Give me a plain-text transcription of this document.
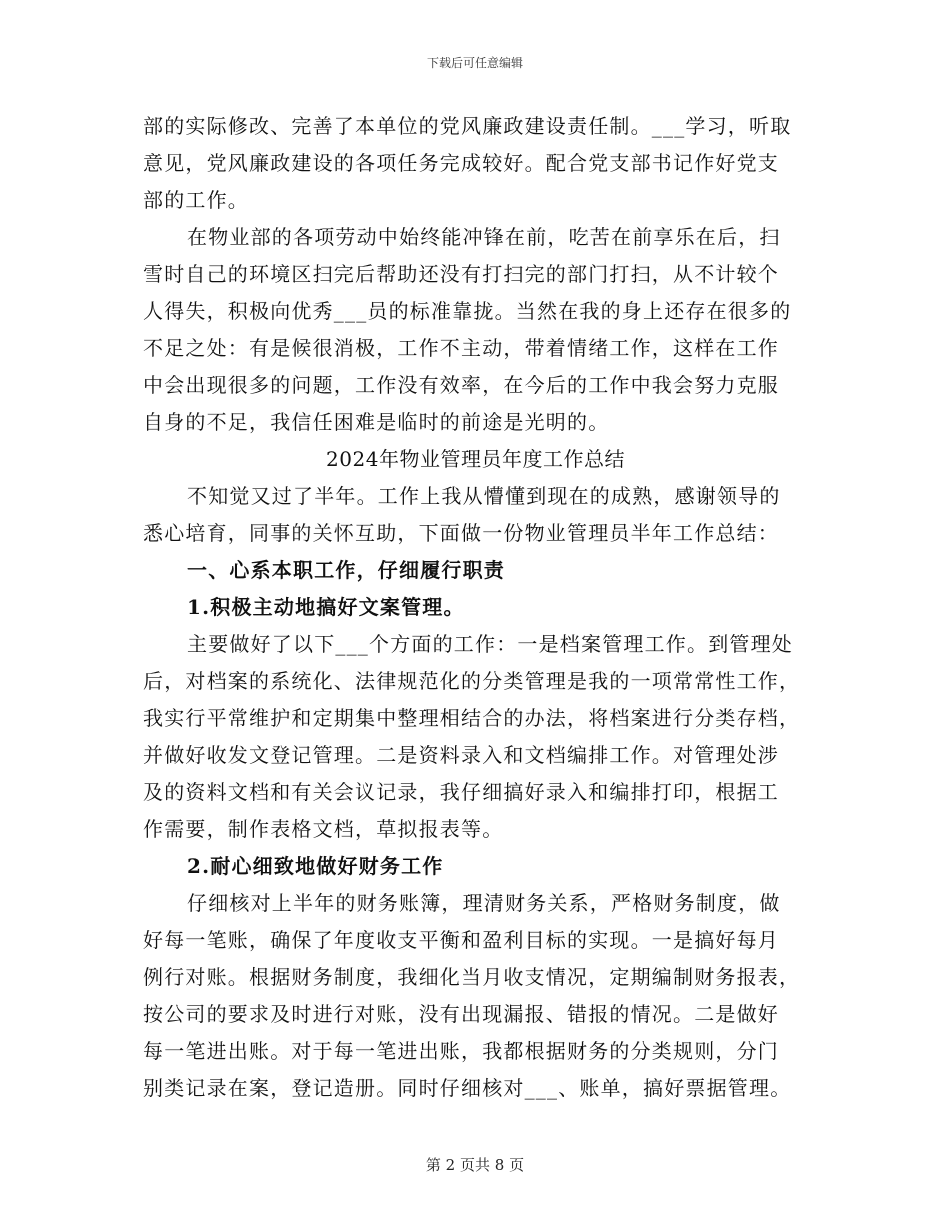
下载后可任意编辑
部的实际修改、完善了本单位的党风廉政建设责任制。___学习，听取
意见，党风廉政建设的各项任务完成较好。配合党支部书记作好党支
部的工作。
在物业部的各项劳动中始终能冲锋在前，吃苦在前享乐在后，扫
雪时自己的环境区扫完后帮助还没有打扫完的部门打扫，从不计较个
人得失，积极向优秀___员的标准靠拢。当然在我的身上还存在很多的
不足之处：有是候很消极，工作不主动，带着情绪工作，这样在工作
中会出现很多的问题，工作没有效率，在今后的工作中我会努力克服
自身的不足，我信任困难是临时的前途是光明的。
2024年物业管理员年度工作总结
不知觉又过了半年。工作上我从懵懂到现在的成熟，感谢领导的
悉心培育，同事的关怀互助，下面做一份物业管理员半年工作总结：
一、心系本职工作，仔细履行职责
1.积极主动地搞好文案管理。
主要做好了以下___个方面的工作：一是档案管理工作。到管理处
后，对档案的系统化、法律规范化的分类管理是我的一项常常性工作，
我实行平常维护和定期集中整理相结合的办法，将档案进行分类存档，
并做好收发文登记管理。二是资料录入和文档编排工作。对管理处涉
及的资料文档和有关会议记录，我仔细搞好录入和编排打印，根据工
作需要，制作表格文档，草拟报表等。
2.耐心细致地做好财务工作
仔细核对上半年的财务账簿，理清财务关系，严格财务制度，做
好每一笔账，确保了年度收支平衡和盈利目标的实现。一是搞好每月
例行对账。根据财务制度，我细化当月收支情况，定期编制财务报表，
按公司的要求及时进行对账，没有出现漏报、错报的情况。二是做好
每一笔进出账。对于每一笔进出账，我都根据财务的分类规则，分门
别类记录在案，登记造册。同时仔细核对___、账单，搞好票据管理。
第 2 页共 8 页
